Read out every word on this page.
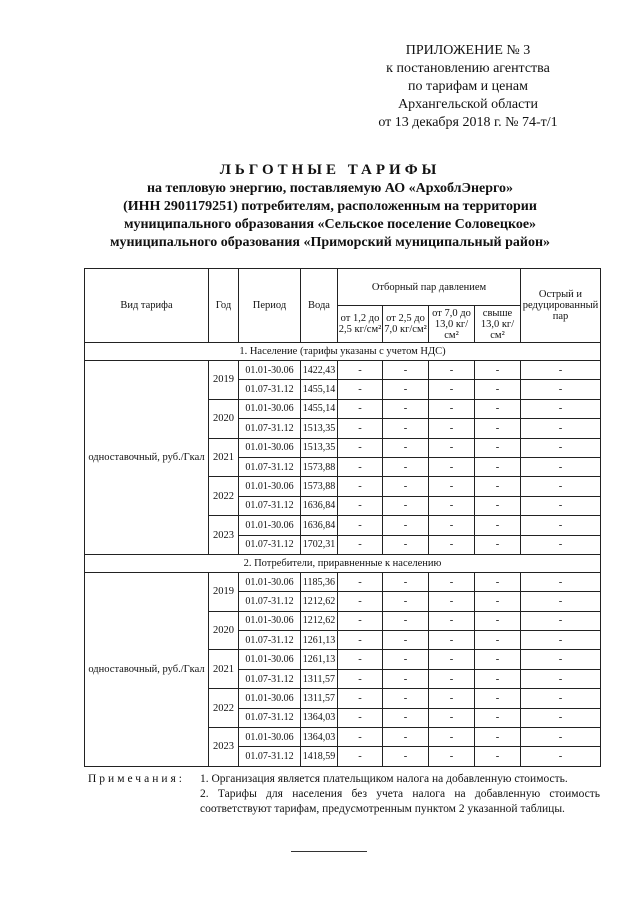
ПРИЛОЖЕНИЕ № 3
к постановлению агентства
по тарифам и ценам
Архангельской области
от 13 декабря 2018 г. № 74-т/1
ЛЬГОТНЫЕ ТАРИФЫ
на тепловую энергию, поставляемую АО «АрхоблЭнерго»
(ИНН 2901179251) потребителям, расположенным на территории
муниципального образования «Сельское поселение Соловецкое»
муниципального образования «Приморский муниципальный район»
Вид тарифа	Год	Период	Вода	Отборный пар давлением				Острый и редуцированный пар
				от 1,2 до 2,5 кг/см²	от 2,5 до 7,0 кг/см²	от 7,0 до 13,0 кг/см²	свыше 13,0 кг/см²	
1. Население (тарифы указаны с учетом НДС)								
одноставочный, руб./Гкал	2019	01.01-30.06	1422,43	-	-	-	-	-
		01.07-31.12	1455,14	-	-	-	-	-
	2020	01.01-30.06	1455,14	-	-	-	-	-
		01.07-31.12	1513,35	-	-	-	-	-
	2021	01.01-30.06	1513,35	-	-	-	-	-
		01.07-31.12	1573,88	-	-	-	-	-
	2022	01.01-30.06	1573,88	-	-	-	-	-
		01.07-31.12	1636,84	-	-	-	-	-
	2023	01.01-30.06	1636,84	-	-	-	-	-
		01.07-31.12	1702,31	-	-	-	-	-
2. Потребители, приравненные к населению								
одноставочный, руб./Гкал	2019	01.01-30.06	1185,36	-	-	-	-	-
		01.07-31.12	1212,62	-	-	-	-	-
	2020	01.01-30.06	1212,62	-	-	-	-	-
		01.07-31.12	1261,13	-	-	-	-	-
	2021	01.01-30.06	1261,13	-	-	-	-	-
		01.07-31.12	1311,57	-	-	-	-	-
	2022	01.01-30.06	1311,57	-	-	-	-	-
		01.07-31.12	1364,03	-	-	-	-	-
	2023	01.01-30.06	1364,03	-	-	-	-	-
		01.07-31.12	1418,59	-	-	-	-	-
Примечания: 1. Организация является плательщиком налога на добавленную стоимость.

2. Тарифы для населения без учета налога на добавленную стоимость соответствуют тарифам, предусмотренным пунктом 2 указанной таблицы.
